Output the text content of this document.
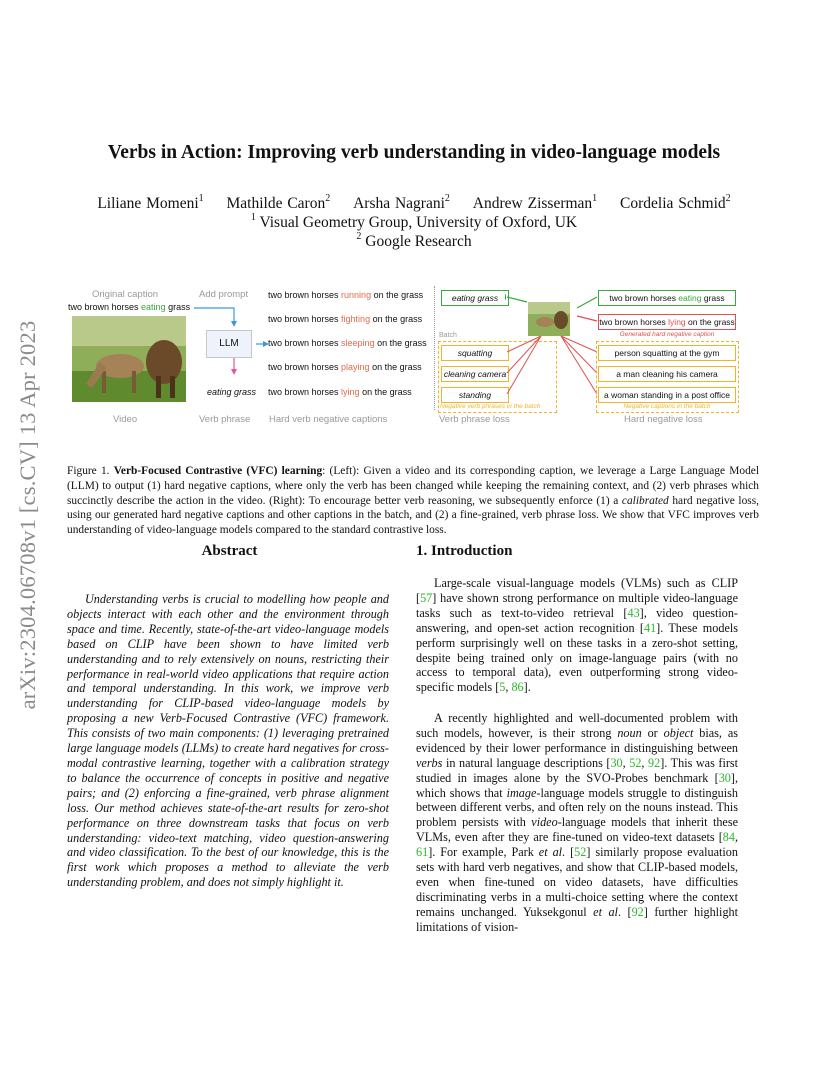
arXiv:2304.06708v1 [cs.CV] 13 Apr 2023
Verbs in Action: Improving verb understanding in video-language models
Liliane Momeni$^1$ Mathilde Caron$^2$ Arsha Nagrani$^2$ Andrew Zisserman$^1$ Cordelia Schmid$^2$
$^1$ Visual Geometry Group, University of Oxford, UK
$^2$ Google Research
Original caption	Add prompt
two brown horses eating grass
LLM
eating grass
two brown horses running on the grass
two brown horses fighting on the grass
two brown horses sleeping on the grass
two brown horses playing on the grass
two brown horses lying on the grass
Video	Verb phrase Hard verb negative captions
eating grass
Batch
squatting
cleaning camera
standing
Negative verb phrases in the batch
two brown horses eating grass
two brown horses lying on the grass
Generated hard negative caption
person squatting at the gym
a man cleaning his camera
a woman standing in a post office
Negative captions in the batch
Verb phrase loss	Hard negative loss
Figure 1. Verb-Focused Contrastive (VFC) learning: (Left): Given a video and its corresponding caption, we leverage a Large Language Model (LLM) to output (1) hard negative captions, where only the verb has been changed while keeping the remaining context, and (2) verb phrases which succinctly describe the action in the video. (Right): To encourage better verb reasoning, we subsequently enforce (1) a calibrated hard negative loss, using our generated hard negative captions and other captions in the batch, and (2) a fine-grained, verb phrase loss. We show that VFC improves verb understanding of video-language models compared to the standard contrastive loss.
Abstract
Understanding verbs is crucial to modelling how people and objects interact with each other and the environment through space and time. Recently, state-of-the-art video-language models based on CLIP have been shown to have limited verb understanding and to rely extensively on nouns, restricting their performance in real-world video applications that require action and temporal understanding. In this work, we improve verb understanding for CLIP-based video-language models by proposing a new Verb-Focused Contrastive (VFC) framework. This consists of two main components: (1) leveraging pretrained large language models (LLMs) to create hard negatives for cross-modal contrastive learning, together with a calibration strategy to balance the occurrence of concepts in positive and negative pairs; and (2) enforcing a fine-grained, verb phrase alignment loss. Our method achieves state-of-the-art results for zero-shot performance on three downstream tasks that focus on verb understanding: video-text matching, video question-answering and video classification. To the best of our knowledge, this is the first work which proposes a method to alleviate the verb understanding problem, and does not simply highlight it.
1. Introduction
Large-scale visual-language models (VLMs) such as CLIP [57] have shown strong performance on multiple video-language tasks such as text-to-video retrieval [43], video question-answering, and open-set action recognition [41]. These models perform surprisingly well on these tasks in a zero-shot setting, despite being trained only on image-language pairs (with no access to temporal data), even outperforming strong video-specific models [5, 86].
A recently highlighted and well-documented problem with such models, however, is their strong noun or object bias, as evidenced by their lower performance in distinguishing between verbs in natural language descriptions [30, 52, 92]. This was first studied in images alone by the SVO-Probes benchmark [30], which shows that image-language models struggle to distinguish between different verbs, and often rely on the nouns instead. This problem persists with video-language models that inherit these VLMs, even after they are fine-tuned on video-text datasets [84, 61]. For example, Park et al. [52] similarly propose evaluation sets with hard verb negatives, and show that CLIP-based models, even when fine-tuned on video datasets, have difficulties discriminating verbs in a multi-choice setting where the context remains unchanged. Yuksekgonul et al. [92] further highlight limitations of vision-
